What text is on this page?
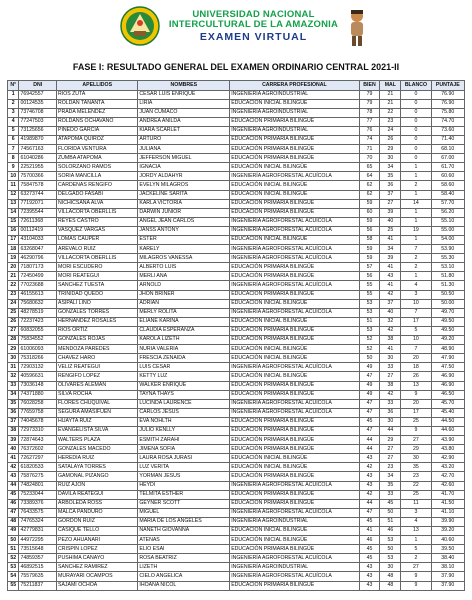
UNIVERSIDAD NACIONAL
INTERCULTURAL DE LA AMAZONIA
EXAMEN VIRTUAL
FASE I: RESULTADO GENERAL DEL EXAMEN ORDINARIO CENTRAL 2021-II
N°	DNI	APELLIDOS	NOMBRES	CARRERA PROFESIONAL	BIEN	MAL	BLANCO	PUNTAJE
1	76942557	RIOS ZUTA	CESAR LUIS ENRIQUE	INGENIERÍA AGROINDUSTRIAL	79	21	0	76.90
2	00124535	ROLDAN TANANTA	LIRIA	EDUCACIÓN INICIAL BILINGÜE	79	21	0	76.90
3	73746708	PRADA MELENDEZ	JUAN CUMACO	INGENIERÍA AGROINDUSTRIAL	78	22	0	75.80
4	77247503	ROLDANS OCHAVANO	ANDREA ANILDA	EDUCACIÓN PRIMARIA BILINGÜE	77	23	0	74.70
5	73125656	PINEDO GARCIA	KIARA SCARLET	INGENIERÍA AGROINDUSTRIAL	76	24	0	73.60
6	41989870	ATAPOMA QUIROZ	ARTURO	EDUCACIÓN PRIMARIA BILINGÜE	74	26	0	71.40
7	74567163	FLORIDA VENTURA	JULIANA	EDUCACIÓN PRIMARIA BILINGÜE	71	29	0	68.10
8	61040286	ZUMBA ATAPOMA	JEFFERSON MIGUEL	EDUCACIÓN PRIMARIA BILINGÜE	70	30	0	67.00
9	22521955	SOLORZANO RAMOS	IGNACIA	EDUCACIÓN INICIAL BILINGÜE	65	34	1	61.70
10	75700366	SORIA MANCILLA	JORDY ALDAHYR	INGENIERÍA AGROFORESTAL ACUÍCOLA	64	35	1	60.60
11	75847578	CARDENAS RENGIFO	EVELYN MILAGROS	EDUCACIÓN INICIAL BILINGÜE	62	36	2	58.60
12	63273744	DELGADO FASABI	JACKELINE SARITA	EDUCACIÓN INICIAL BILINGÜE	62	37	1	58.40
13	77192071	NICHICSANA ALVA	KARLA VICTORIA	EDUCACIÓN PRIMARIA BILINGÜE	59	27	14	57.70
14	72395544	VILLACORTA OBERLLIS	DARWIN JUNIOR	EDUCACIÓN PRIMARIA BILINGÜE	60	39	1	56.20
15	72611368	REYES CASTRO	ÁNGEL JEAN CARLOS	INGENIERÍA AGROFORESTAL ACUÍCOLA	59	40	1	55.10
16	00112419	VASQUEZ VARGAS	JANSS ANTONY	INGENIERÍA AGROFORESTAL ACUÍCOLA	56	25	19	55.00
17	43104033	LOMAS CAUPER	ESTER	EDUCACIÓN INICIAL BILINGÜE	58	41	1	54.00
18	63268047	AREVALO RUIZ	KARELY	INGENIERÍA AGROFORESTAL ACUÍCOLA	59	34	7	53.90
19	46290796	VILLACORTA OBERLLIS	MILAGROS VANESSA	INGENIERÍA AGROFORESTAL ACUÍCOLA	59	39	2	55.30
20	71807173	MORI ESCUDERO	ALBERTO LUIS	EDUCACIÓN PRIMARIA BILINGÜE	57	41	2	53.10
21	72450499	MORI REATEGUI	MERLI ANA	EDUCACIÓN PRIMARIA BILINGÜE	56	43	1	51.80
22	77023688	SANCHEZ TUESTA	ARNOLD	INGENIERÍA AGROFORESTAL ACUÍCOLA	55	41	4	51.30
23	46155613	TRINIDAD QUEDO	JHON BRINER	EDUCACIÓN PRIMARIA BILINGÜE	55	42	3	50.50
24	75680632	ASIPALI LINO	ADRIAN	EDUCACIÓN INICIAL BILINGÜE	53	37	10	50.00
25	48278519	GONZALES TORRES	MERLY ROLITA	INGENIERÍA AGROFORESTAL ACUÍCOLA	53	40	7	49.70
26	72237423	HERNANDEZ ROSALES	ELIANE KARINA	EDUCACIÓN INICIAL BILINGÜE	51	32	17	49.50
27	60832055	RIOS ORTIZ	CLAUDIA ESPERANZA	EDUCACIÓN PRIMARIA BILINGÜE	53	42	5	49.50
28	75834552	GONZALES ROJAS	KAROLA LIZETH	EDUCACIÓN PRIMARIA BILINGÜE	52	38	10	49.20
29	61006093	MENDOZA PAREDES	NURIA VALERIA	EDUCACIÓN INICIAL BILINGÜE	52	41	7	48.90
30	75318266	CHAVEZ HARO	FRESCIA ZENAIDA	EDUCACIÓN INICIAL BILINGÜE	50	30	20	47.90
31	72903132	VELIZ REATEGUI	LUIS CESAR	INGENIERÍA AGROFORESTAL ACUÍCOLA	49	33	18	47.50
32	40596631	RENGIFO LOPEZ	KETTY LUZ	EDUCACIÓN INICIAL BILINGÜE	47	27	26	46.90
33	73036148	OLIVARES ALEMAN	WALKER ENRIQUE	EDUCACIÓN PRIMARIA BILINGÜE	49	38	13	46.90
34	74371880	SILVA ROCHA	TAYNA THAYS	EDUCACIÓN PRIMARIA BILINGÜE	49	42	9	46.50
35	76028258	FLORES CHUQUIVAL	LUCINDA LAURENCE	INGENIERÍA AGROFORESTAL ACUÍCOLA	47	33	20	45.70
36	77659758	SEGURA AMASIFUEN	CARLOS JESUS	INGENIERÍA AGROFORESTAL ACUÍCOLA	47	36	17	45.40
37	74045678	HUAYTA RUIZ	EVA NOHLTH	EDUCACIÓN PRIMARIA BILINGÜE	45	30	25	44.50
38	72973310	EVANGELISTA SILVA	JULIO KENLLY	EDUCACIÓN PRIMARIA BILINGÜE	47	44	9	44.60
39	72874643	WALTERS PLAZA	ESMITH ZARAHI	EDUCACIÓN PRIMARIA BILINGÜE	44	29	27	43.90
40	76372602	GONZALES MACEDO	JIMENA SOFIA	EDUCACIÓN PRIMARIA BILINGÜE	44	27	29	43.80
41	72627297	HEREDIA RUIZ	LAURA ROSA JURASI	EDUCACIÓN INICIAL BILINGÜE	43	27	30	42.90
42	61820533	SATALAYA TORRES	LUZ VERITA	EDUCACIÓN INICIAL BILINGÜE	42	23	35	43.20
43	75876275	GAMONAL PIZANGO	YORMAN JESUS	EDUCACIÓN PRIMARIA BILINGÜE	43	34	23	42.70
44	74824801	RUIZ AJON	HEYDI	INGENIERÍA AGROFORESTAL ACUÍCOLA	43	35	22	42.60
45	75233044	DAVILA REATEGUI	TELMITA ESTHER	EDUCACIÓN PRIMARIA BILINGÜE	42	33	25	41.70
46	73389376	ARBOLEDA ROSS	GEYNER SCOTT	EDUCACIÓN PRIMARIA BILINGÜE	44	45	11	41.50
47	76433575	MALCA PANDURO	MIGUEL	INGENIERÍA AGROFORESTAL ACUÍCOLA	47	50	3	41.10
48	74765324	GORDON RUIZ	MARIA DE LOS ANGELES	INGENIERÍA AGROINDUSTRIAL	45	51	4	39.90
49	42779831	CASIQUE TELLO	NANETH GIOVANNA	EDUCACIÓN INICIAL BILINGÜE	41	46	13	39.20
50	44972295	PEZO AHUANARI	ATENAS	EDUCACIÓN INICIAL BILINGÜE	46	53	1	40.60
51	73515648	CRISPIN LOPEZ	ELIO ESAI	EDUCACIÓN PRIMARIA BILINGÜE	45	50	5	39.50
52	74859357	PUSHIMA CANAYO	ROSA BEATRIZ	INGENIERÍA AGROFORESTAL ACUÍCOLA	45	53	2	38.40
53	46892515	SANCHEZ RAMIREZ	LIZETH	INGENIERÍA AGROINDUSTRIAL	43	30	27	38.10
54	75579635	MURAYARI OCAMPOS	CIELO ANGELICA	INGENIERÍA AGROFORESTAL ACUÍCOLA	43	48	9	37.90
55	75211837	SAJAMI OCHOA	IHOANA NICOL	EDUCACIÓN PRIMARIA BILINGÜE	43	48	9	37.90
